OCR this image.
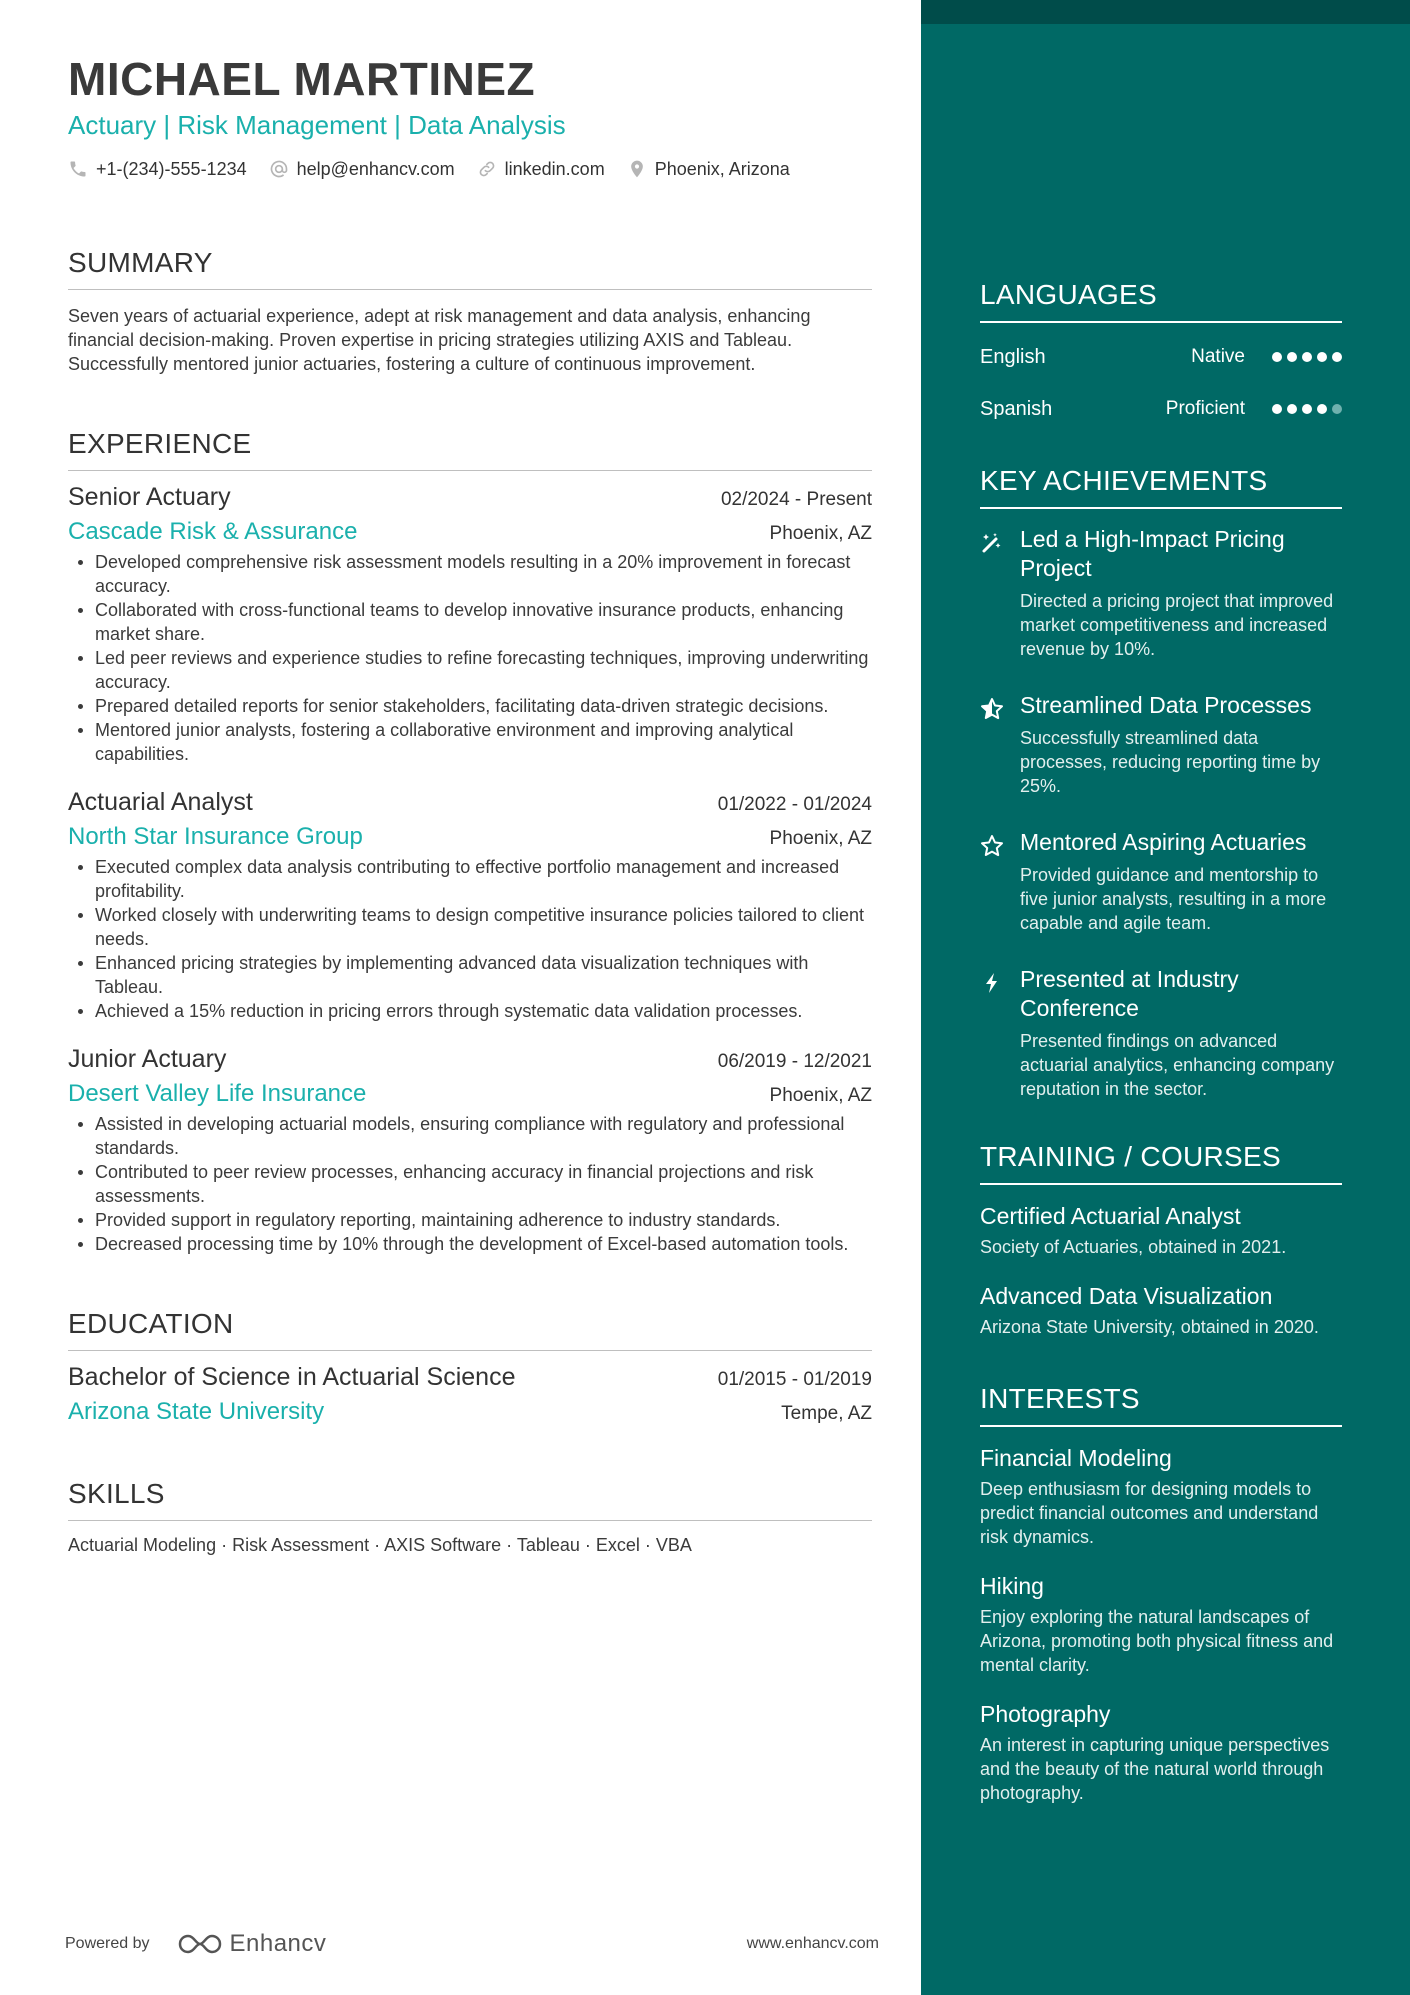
MICHAEL MARTINEZ
Actuary | Risk Management | Data Analysis
+1-(234)-555-1234	help@enhancv.com	linkedin.com	Phoenix, Arizona
SUMMARY
Seven years of actuarial experience, adept at risk management and data analysis, enhancing financial decision-making. Proven expertise in pricing strategies utilizing AXIS and Tableau. Successfully mentored junior actuaries, fostering a culture of continuous improvement.
EXPERIENCE
Senior Actuary	02/2024 - Present
Cascade Risk & Assurance	Phoenix, AZ
Developed comprehensive risk assessment models resulting in a 20% improvement in forecast accuracy.
Collaborated with cross-functional teams to develop innovative insurance products, enhancing market share.
Led peer reviews and experience studies to refine forecasting techniques, improving underwriting accuracy.
Prepared detailed reports for senior stakeholders, facilitating data-driven strategic decisions.
Mentored junior analysts, fostering a collaborative environment and improving analytical capabilities.
Actuarial Analyst	01/2022 - 01/2024
North Star Insurance Group	Phoenix, AZ
Executed complex data analysis contributing to effective portfolio management and increased profitability.
Worked closely with underwriting teams to design competitive insurance policies tailored to client needs.
Enhanced pricing strategies by implementing advanced data visualization techniques with Tableau.
Achieved a 15% reduction in pricing errors through systematic data validation processes.
Junior Actuary	06/2019 - 12/2021
Desert Valley Life Insurance	Phoenix, AZ
Assisted in developing actuarial models, ensuring compliance with regulatory and professional standards.
Contributed to peer review processes, enhancing accuracy in financial projections and risk assessments.
Provided support in regulatory reporting, maintaining adherence to industry standards.
Decreased processing time by 10% through the development of Excel-based automation tools.
EDUCATION
Bachelor of Science in Actuarial Science	01/2015 - 01/2019
Arizona State University	Tempe, AZ
SKILLS
Actuarial Modeling · Risk Assessment · AXIS Software · Tableau · Excel · VBA
Powered by	Enhancv	www.enhancv.com
LANGUAGES
English	Native
Spanish	Proficient
KEY ACHIEVEMENTS
Led a High-Impact Pricing Project
Directed a pricing project that improved market competitiveness and increased revenue by 10%.
Streamlined Data Processes
Successfully streamlined data processes, reducing reporting time by 25%.
Mentored Aspiring Actuaries
Provided guidance and mentorship to five junior analysts, resulting in a more capable and agile team.
Presented at Industry Conference
Presented findings on advanced actuarial analytics, enhancing company reputation in the sector.
TRAINING / COURSES
Certified Actuarial Analyst
Society of Actuaries, obtained in 2021.
Advanced Data Visualization
Arizona State University, obtained in 2020.
INTERESTS
Financial Modeling
Deep enthusiasm for designing models to predict financial outcomes and understand risk dynamics.
Hiking
Enjoy exploring the natural landscapes of Arizona, promoting both physical fitness and mental clarity.
Photography
An interest in capturing unique perspectives and the beauty of the natural world through photography.
